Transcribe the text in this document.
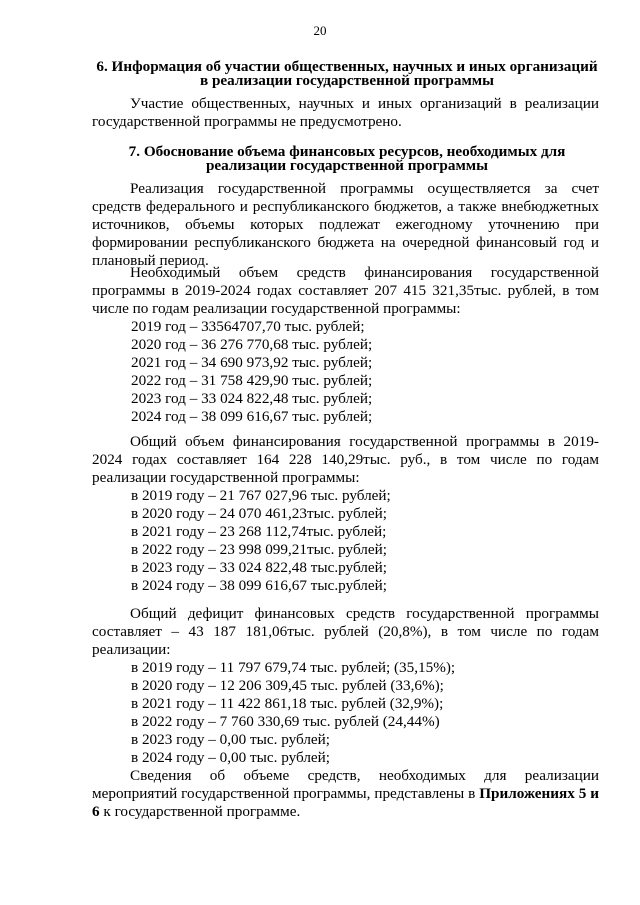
20
6. Информация об участии общественных, научных и иных организаций
в реализации государственной программы
Участие общественных, научных и иных организаций в реализации государственной программы не предусмотрено.
7. Обоснование объема финансовых ресурсов, необходимых для
реализации государственной программы
Реализация государственной программы осуществляется за счет средств федерального и республиканского бюджетов, а также внебюджетных источников, объемы которых подлежат ежегодному уточнению при формировании республиканского бюджета на очередной финансовый год и плановый период.
Необходимый объем средств финансирования государственной программы в 2019-2024 годах составляет 207 415 321,35тыс. рублей, в том числе по годам реализации государственной программы:
2019 год – 33564707,70 тыс. рублей;
2020 год – 36 276 770,68 тыс. рублей;
2021 год – 34 690 973,92 тыс. рублей;
2022 год – 31 758 429,90 тыс. рублей;
2023 год – 33 024 822,48 тыс. рублей;
2024 год – 38 099 616,67 тыс. рублей;
Общий объем финансирования государственной программы в 2019-2024 годах составляет 164 228 140,29тыс. руб., в том числе по годам реализации государственной программы:
в 2019 году – 21 767 027,96 тыс. рублей;
в 2020 году – 24 070 461,23тыс. рублей;
в 2021 году – 23 268 112,74тыс. рублей;
в 2022 году – 23 998 099,21тыс. рублей;
в 2023 году – 33 024 822,48 тыс.рублей;
в 2024 году – 38 099 616,67 тыс.рублей;
Общий дефицит финансовых средств государственной программы составляет – 43 187 181,06тыс. рублей (20,8%), в том числе по годам реализации:
в 2019 году – 11 797 679,74 тыс. рублей; (35,15%);
в 2020 году – 12 206 309,45 тыс. рублей (33,6%);
в 2021 году – 11 422 861,18 тыс. рублей (32,9%);
в 2022 году – 7 760 330,69 тыс. рублей (24,44%)
в 2023 году – 0,00 тыс. рублей;
в 2024 году – 0,00 тыс. рублей;
Сведения об объеме средств, необходимых для реализации мероприятий государственной программы, представлены в Приложениях 5 и 6 к государственной программе.
